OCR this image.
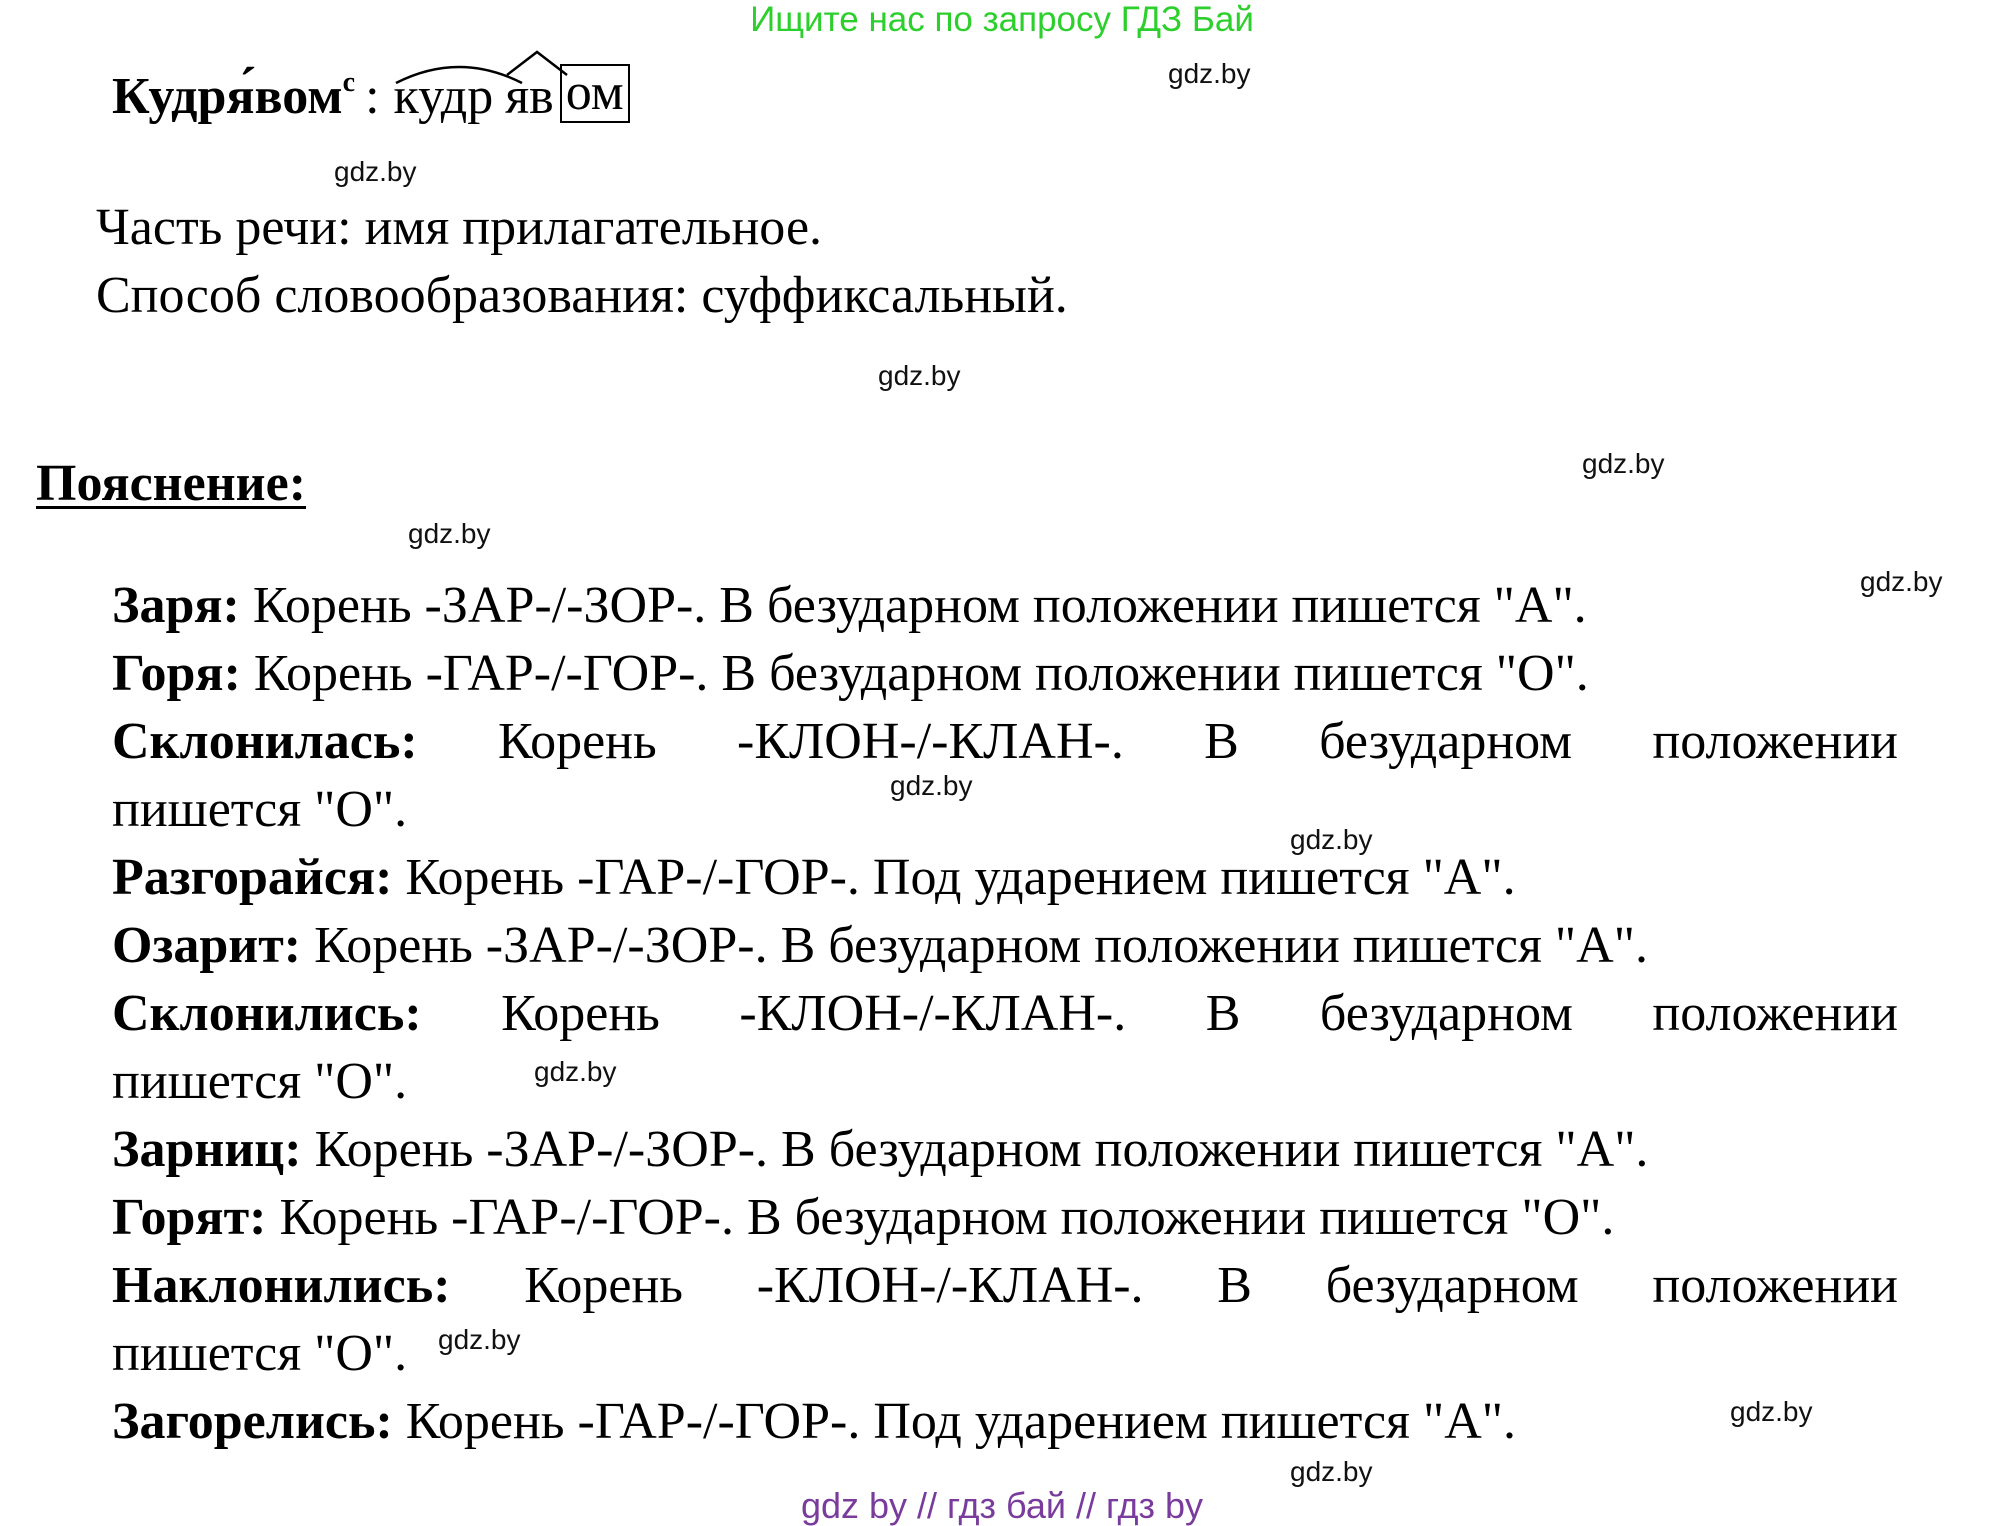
Ищите нас по запросу ГДЗ Бай
Кудря́вом с : кудр яв ом
Часть речи: имя прилагательное.
Способ словообразования: суффиксальный.
Пояснение:
Заря: Корень -ЗАР-/-ЗОР-. В безударном положении пишется "А".
Горя: Корень -ГАР-/-ГОР-. В безударном положении пишется "О".
Склонилась: Корень -КЛОН-/-КЛАН-. В безударном положении
пишется "О".
Разгорайся: Корень -ГАР-/-ГОР-. Под ударением пишется "А".
Озарит: Корень -ЗАР-/-ЗОР-. В безударном положении пишется "А".
Склонились: Корень -КЛОН-/-КЛАН-. В безударном положении
пишется "О".
Зарниц: Корень -ЗАР-/-ЗОР-. В безударном положении пишется "А".
Горят: Корень -ГАР-/-ГОР-. В безударном положении пишется "О".
Наклонились: Корень -КЛОН-/-КЛАН-. В безударном положении
пишется "О".
Загорелись: Корень -ГАР-/-ГОР-. Под ударением пишется "А".
gdz.by
gdz.by
gdz.by
gdz.by
gdz.by
gdz.by
gdz.by
gdz.by
gdz.by
gdz.by
gdz.by
gdz.by
gdz by // гдз бай // гдз by
